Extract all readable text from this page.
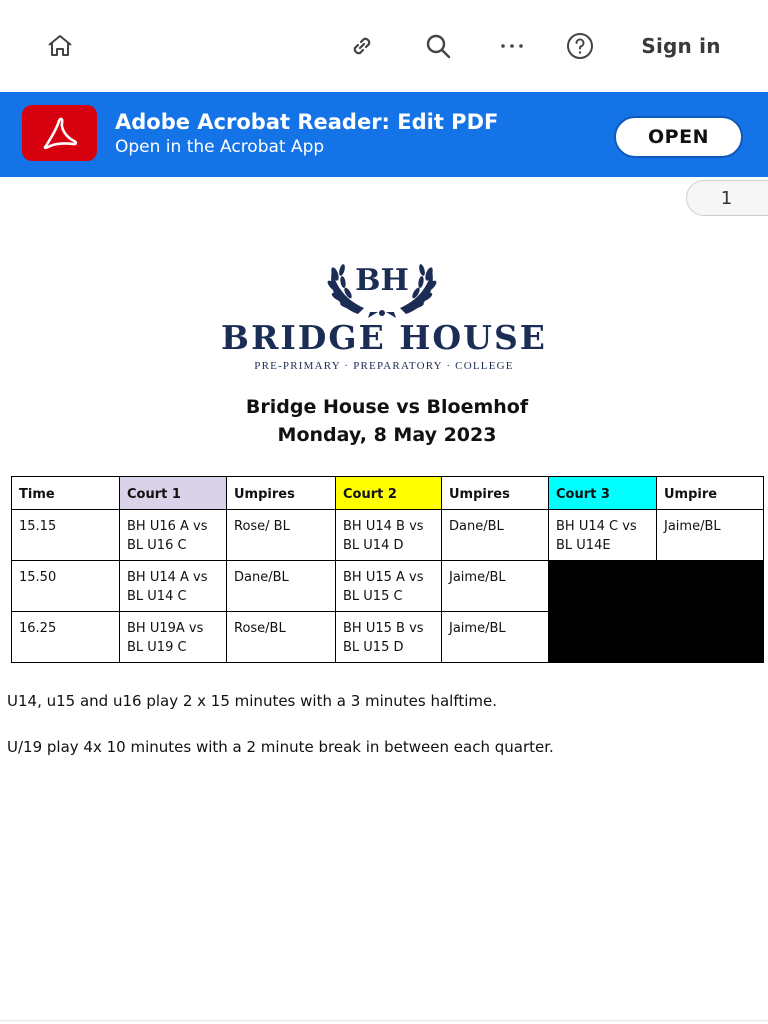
Sign in
Adobe Acrobat Reader: Edit PDF
Open in the Acrobat App	OPEN
1
BH
BRIDGE HOUSE
PRE-PRIMARY · PREPARATORY · COLLEGE
Bridge House vs Bloemhof
Monday, 8 May 2023
Time	Court 1	Umpires	Court 2	Umpires	Court 3	Umpire
15.15	BH U16 A vs BL U16 C	Rose/ BL	BH U14 B vs BL U14 D	Dane/BL	BH U14 C vs BL U14E	Jaime/BL
15.50	BH U14 A vs BL U14 C	Dane/BL	BH U15 A vs BL U15 C	Jaime/BL		
16.25	BH U19A vs BL U19 C	Rose/BL	BH U15 B vs BL U15 D	Jaime/BL		
U14, u15 and u16 play 2 x 15 minutes with a 3 minutes halftime.
U/19 play 4x 10 minutes with a 2 minute break in between each quarter.
